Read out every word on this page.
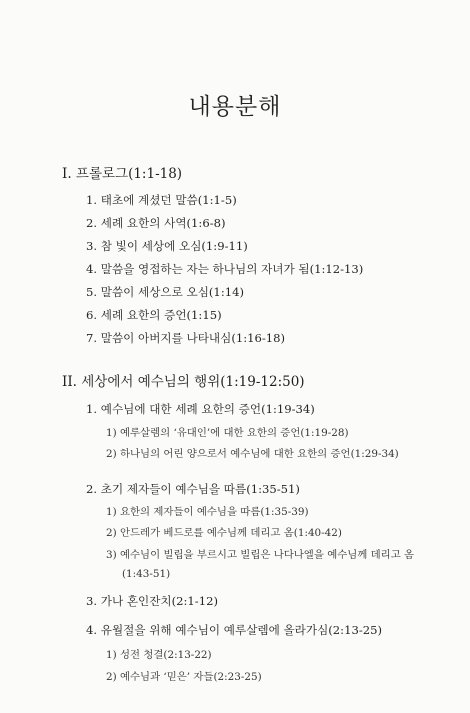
내용분해
I. 프롤로그(1:1-18)
1. 태초에 계셨던 말씀(1:1-5)
2. 세례 요한의 사역(1:6-8)
3. 참 빛이 세상에 오심(1:9-11)
4. 말씀을 영접하는 자는 하나님의 자녀가 됨(1:12-13)
5. 말씀이 세상으로 오심(1:14)
6. 세례 요한의 증언(1:15)
7. 말씀이 아버지를 나타내심(1:16-18)
II. 세상에서 예수님의 행위(1:19-12:50)
1. 예수님에 대한 세례 요한의 증언(1:19-34)
1) 예루살렘의 ‘유대인’에 대한 요한의 증언(1:19-28)
2) 하나님의 어린 양으로서 예수님에 대한 요한의 증언(1:29-34)
2. 초기 제자들이 예수님을 따름(1:35-51)
1) 요한의 제자들이 예수님을 따름(1:35-39)
2) 안드레가 베드로를 예수님께 데리고 옴(1:40-42)
3) 예수님이 빌립을 부르시고 빌립은 나다나엘을 예수님께 데리고 옴
(1:43-51)
3. 가나 혼인잔치(2:1-12)
4. 유월절을 위해 예수님이 예루살렘에 올라가심(2:13-25)
1) 성전 청결(2:13-22)
2) 예수님과 ‘믿은’ 자들(2:23-25)
